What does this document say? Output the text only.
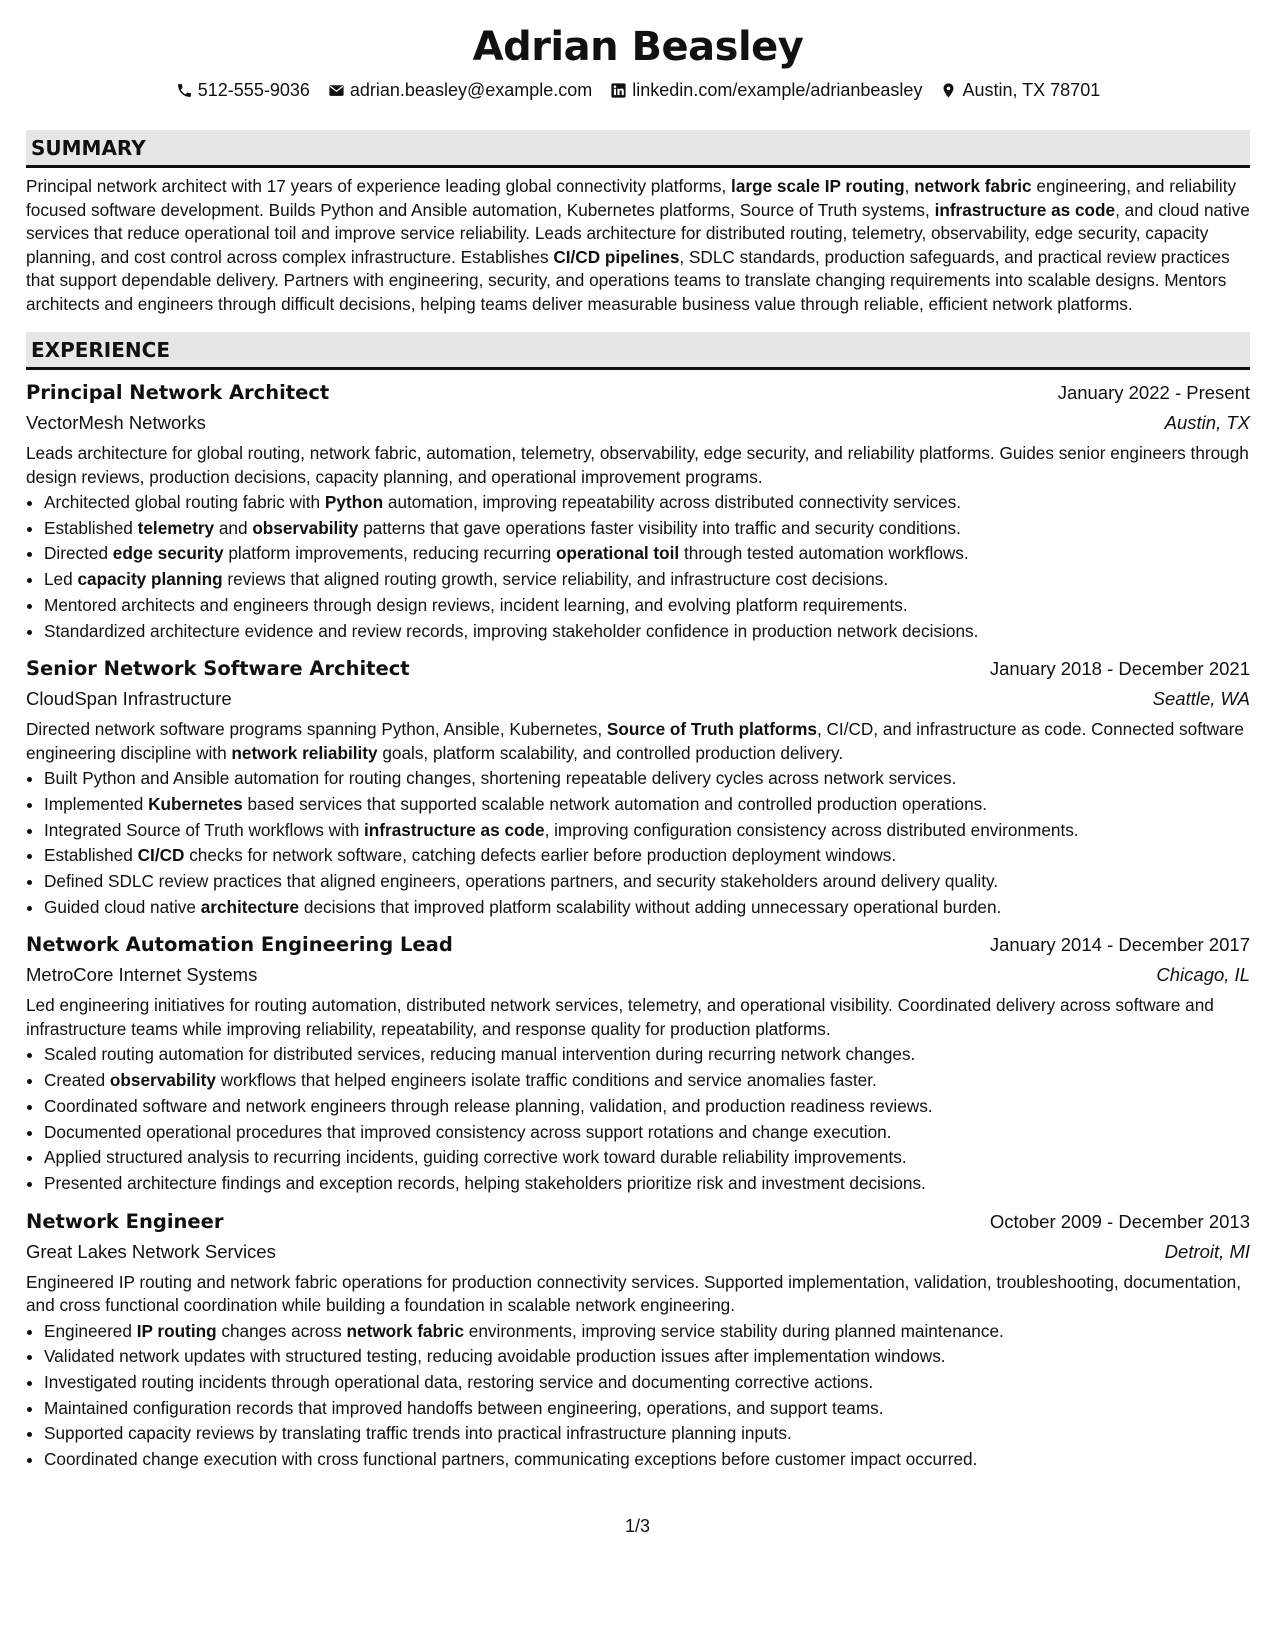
Adrian Beasley
512-555-9036 adrian.beasley@example.com linkedin.com/example/adrianbeasley Austin, TX 78701
SUMMARY
Principal network architect with 17 years of experience leading global connectivity platforms, large scale IP routing, network fabric engineering, and reliability focused software development. Builds Python and Ansible automation, Kubernetes platforms, Source of Truth systems, infrastructure as code, and cloud native services that reduce operational toil and improve service reliability. Leads architecture for distributed routing, telemetry, observability, edge security, capacity planning, and cost control across complex infrastructure. Establishes CI/CD pipelines, SDLC standards, production safeguards, and practical review practices that support dependable delivery. Partners with engineering, security, and operations teams to translate changing requirements into scalable designs. Mentors architects and engineers through difficult decisions, helping teams deliver measurable business value through reliable, efficient network platforms.
EXPERIENCE
Principal Network Architect	January 2022 - Present
VectorMesh Networks	Austin, TX
Leads architecture for global routing, network fabric, automation, telemetry, observability, edge security, and reliability platforms. Guides senior engineers through design reviews, production decisions, capacity planning, and operational improvement programs.
• Architected global routing fabric with Python automation, improving repeatability across distributed connectivity services.
• Established telemetry and observability patterns that gave operations faster visibility into traffic and security conditions.
• Directed edge security platform improvements, reducing recurring operational toil through tested automation workflows.
• Led capacity planning reviews that aligned routing growth, service reliability, and infrastructure cost decisions.
• Mentored architects and engineers through design reviews, incident learning, and evolving platform requirements.
• Standardized architecture evidence and review records, improving stakeholder confidence in production network decisions.
Senior Network Software Architect	January 2018 - December 2021
CloudSpan Infrastructure	Seattle, WA
Directed network software programs spanning Python, Ansible, Kubernetes, Source of Truth platforms, CI/CD, and infrastructure as code. Connected software engineering discipline with network reliability goals, platform scalability, and controlled production delivery.
• Built Python and Ansible automation for routing changes, shortening repeatable delivery cycles across network services.
• Implemented Kubernetes based services that supported scalable network automation and controlled production operations.
• Integrated Source of Truth workflows with infrastructure as code, improving configuration consistency across distributed environments.
• Established CI/CD checks for network software, catching defects earlier before production deployment windows.
• Defined SDLC review practices that aligned engineers, operations partners, and security stakeholders around delivery quality.
• Guided cloud native architecture decisions that improved platform scalability without adding unnecessary operational burden.
Network Automation Engineering Lead	January 2014 - December 2017
MetroCore Internet Systems	Chicago, IL
Led engineering initiatives for routing automation, distributed network services, telemetry, and operational visibility. Coordinated delivery across software and infrastructure teams while improving reliability, repeatability, and response quality for production platforms.
• Scaled routing automation for distributed services, reducing manual intervention during recurring network changes.
• Created observability workflows that helped engineers isolate traffic conditions and service anomalies faster.
• Coordinated software and network engineers through release planning, validation, and production readiness reviews.
• Documented operational procedures that improved consistency across support rotations and change execution.
• Applied structured analysis to recurring incidents, guiding corrective work toward durable reliability improvements.
• Presented architecture findings and exception records, helping stakeholders prioritize risk and investment decisions.
Network Engineer	October 2009 - December 2013
Great Lakes Network Services	Detroit, MI
Engineered IP routing and network fabric operations for production connectivity services. Supported implementation, validation, troubleshooting, documentation, and cross functional coordination while building a foundation in scalable network engineering.
• Engineered IP routing changes across network fabric environments, improving service stability during planned maintenance.
• Validated network updates with structured testing, reducing avoidable production issues after implementation windows.
• Investigated routing incidents through operational data, restoring service and documenting corrective actions.
• Maintained configuration records that improved handoffs between engineering, operations, and support teams.
• Supported capacity reviews by translating traffic trends into practical infrastructure planning inputs.
• Coordinated change execution with cross functional partners, communicating exceptions before customer impact occurred.
1/3
